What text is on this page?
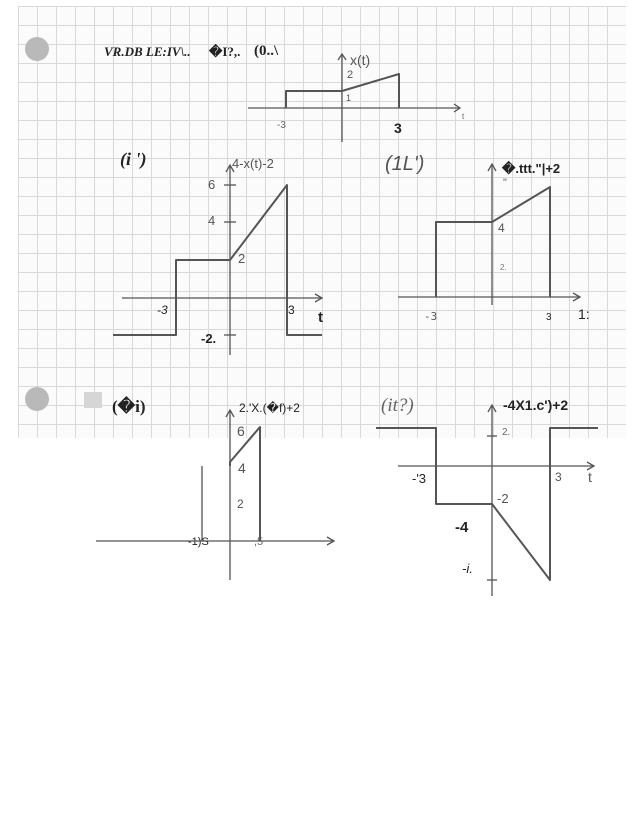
VR.DB LE:IV\.. �I?,. (0..\
x(t)
2
1
-3	3
t
(i ')	4-x(t)-2
6
4
2
-2.
-3	3 t
(1L')	�.ttt."|+2
"
4
2.
-3	3 1:
(�i)	2.'X.(�f)+2
6
4
2
-1)S	,5
(it?)	-4X1.c')+2
2.
-2
-4
-i.
-'3	3 t
